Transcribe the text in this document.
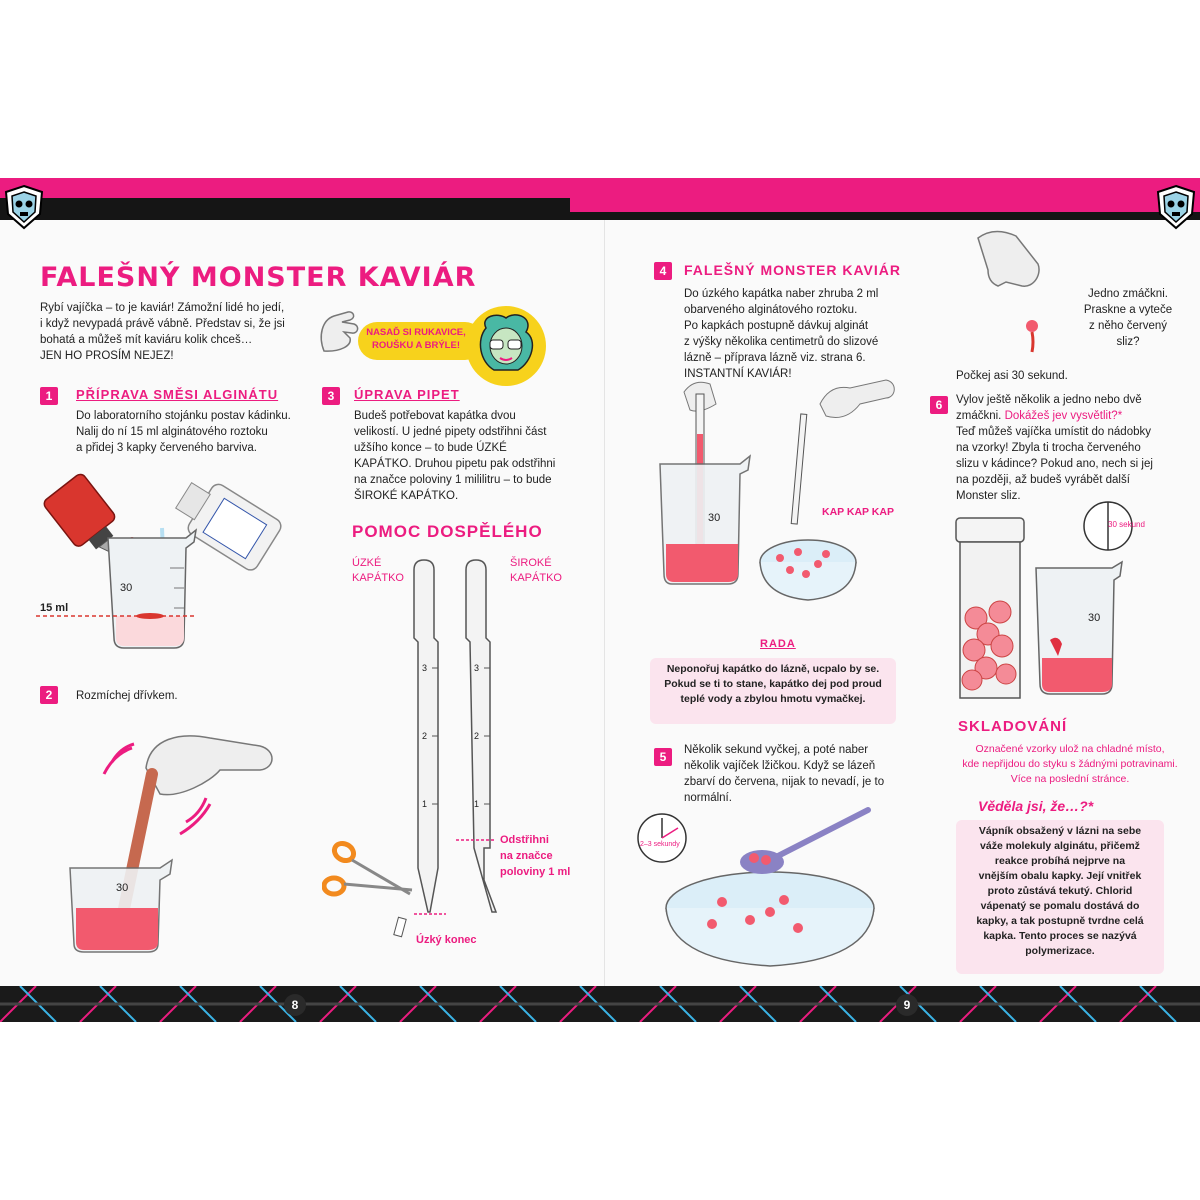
FALEŠNÝ MONSTER KAVIÁR
Rybí vajíčka – to je kaviár! Zámožní lidé ho jedí,
i když nevypadá právě vábně. Představ si, že jsi
bohatá a můžeš mít kaviáru kolik chceš…
JEN HO PROSÍM NEJEZ!
NASAĎ SI RUKAVICE,
ROUŠKU A BRÝLE!
1	PŘÍPRAVA SMĚSI ALGINÁTU
Do laboratorního stojánku postav kádinku.
Nalij do ní 15 ml alginátového roztoku
a přidej 3 kapky červeného barviva.
30
15 ml
2	Rozmíchej dřívkem.
30
3	ÚPRAVA PIPET
Budeš potřebovat kapátka dvou
velikostí. U jedné pipety odstřihni část
užšího konce – to bude ÚZKÉ
KAPÁTKO. Druhou pipetu pak odstřihni
na značce poloviny 1 mililitru – to bude
ŠIROKÉ KAPÁTKO.
POMOC DOSPĚLÉHO
ÚZKÉ
KAPÁTKO
ŠIROKÉ
KAPÁTKO
3
2
1
3
2
1
Odstřihni
na značce
poloviny 1 ml
Úzký konec
4	FALEŠNÝ MONSTER KAVIÁR
Do úzkého kapátka naber zhruba 2 ml
obarveného alginátového roztoku.
Po kapkách postupně dávkuj alginát
z výšky několika centimetrů do slizové
lázně – příprava lázně viz. strana 6.
INSTANTNÍ KAVIÁR!
30	KAP KAP KAP
RADA
Neponořuj kapátko do lázně, ucpalo by se.
Pokud se ti to stane, kapátko dej pod proud
teplé vody a zbylou hmotu vymačkej.
5	Několik sekund vyčkej, a poté naber
několik vajíček lžičkou. Když se lázeň
zbarví do červena, nijak to nevadí, je to
normální.
2–3 sekundy
Jedno zmáčkni.
Praskne a vyteče
z něho červený
sliz?
Počkej asi 30 sekund.
6	Vylov ještě několik a jedno nebo dvě
zmáčkni. Dokážeš jev vysvětlit?*
Teď můžeš vajíčka umístit do nádobky
na vzorky! Zbyla ti trocha červeného
slizu v kádince? Pokud ano, nech si jej
na později, až budeš vyrábět další
Monster sliz.
30 sekund
30
SKLADOVÁNÍ
Označené vzorky ulož na chladné místo,
kde nepřijdou do styku s žádnými potravinami.
Více na poslední stránce.
Věděla jsi, že…?*
Vápník obsažený v lázni na sebe
váže molekuly alginátu, přičemž
reakce probíhá nejprve na
vnějším obalu kapky. Její vnitřek
proto zůstává tekutý. Chlorid
vápenatý se pomalu dostává do
kapky, a tak postupně tvrdne celá
kapka. Tento proces se nazývá
polymerizace.
8	9
